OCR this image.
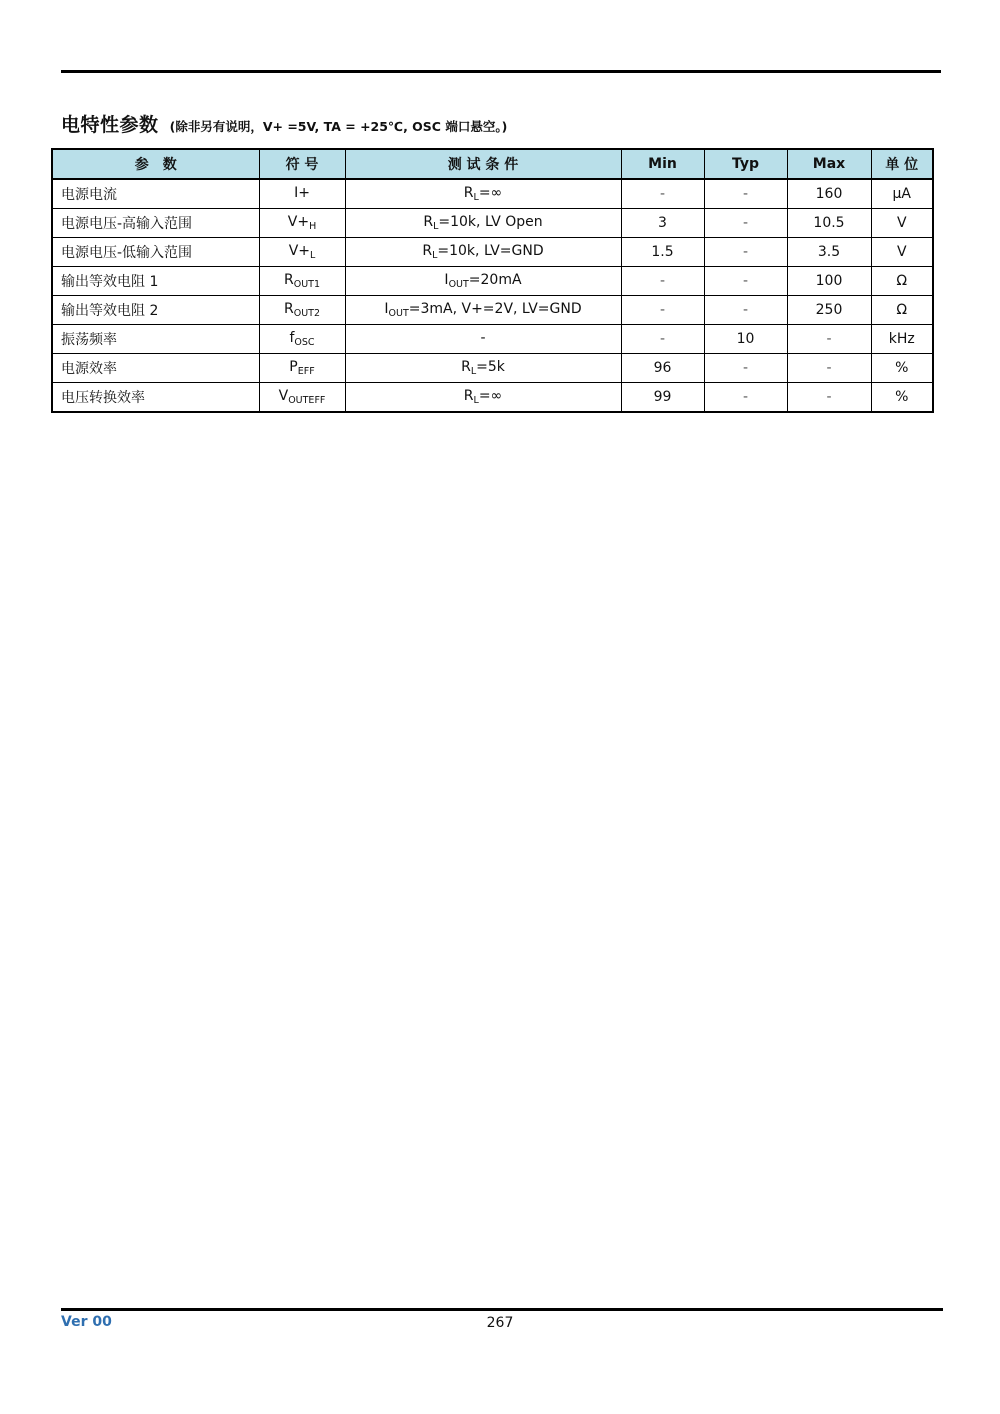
电特性参数 (除非另有说明，V+ =5V, TA = +25℃, OSC 端口悬空。)
参　数	符 号	测 试 条 件	Min	Typ	Max	单 位
电源电流	I+	$R_L=\infty$	-	-	160	μA
电源电压-高输入范围	$V+_H$	$R_L=10k$, LV Open	3	-	10.5	V
电源电压-低输入范围	$V+_L$	$R_L=10k$, LV=GND	1.5	-	3.5	V
输出等效电阻 1	$R_{OUT1}$	$I_{OUT}=20mA$	-	-	100	Ω
输出等效电阻 2	$R_{OUT2}$	$I_{OUT}=3mA$, V+=2V, LV=GND	-	-	250	Ω
振荡频率	$f_{OSC}$	-	-	10	-	kHz
电源效率	$P_{EFF}$	$R_L=5k$	96	-	-	%
电压转换效率	$V_{OUTEFF}$	$R_L=\infty$	99	-	-	%
Ver 00	267
